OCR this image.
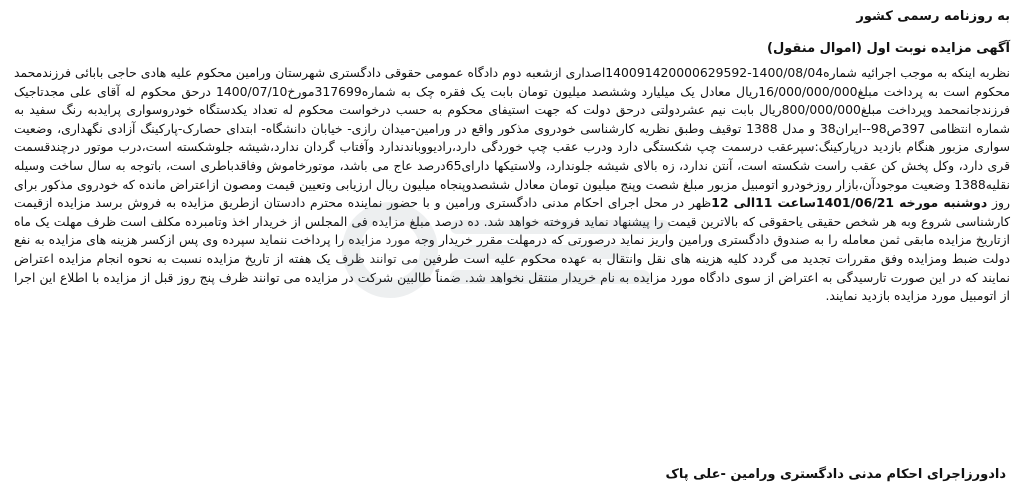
به روزنامه رسمی کشور
آگهی مزایده نوبت اول (اموال منقول)

نظربه اینکه به موجب اجرائیه شماره1400/08/04-140091420000629592اصداری ازشعبه دوم دادگاه عمومی حقوقی دادگستری شهرستان ورامین محکوم علیه هادی حاجی بابائی فرزندمحمد محکوم است به پرداخت مبلغ16/000/000/000ریال معادل یک میلیارد وششصد میلیون تومان بابت یک فقره چک به شماره317699مورخ1400/07/10 درحق محکوم له آقای علی مجدتاجیک فرزندجانمحمد وپرداخت مبلغ800/000/000ریال بابت نیم عشردولتی درحق دولت که جهت استیفای محکوم به حسب درخواست محکوم له تعداد یکدستگاه خودروسواری پرایدبه رنگ سفید به شماره انتظامی 397ص98--ایران38 و مدل 1388 توقیف وطبق نظریه کارشناسی خودروی مذکور واقع در ورامین-میدان رازی- خیابان دانشگاه- ابتدای حصارک-پارکینگ آزادی نگهداری، وضعیت سواری مزبور هنگام بازدید درپارکینگ:سپرعقب درسمت چپ شکستگی دارد ودرب عقب چپ خوردگی دارد،رادیووباندندارد وآفتاب گردان ندارد،شیشه جلوشکسته است،درب موتور درچندقسمت قری دارد، وکل پخش کن عقب راست شکسته است، آنتن ندارد، زه بالای شیشه جلوندارد، ولاستیکها دارای65درصد عاج می باشد، موتورخاموش وفاقدباطری است، باتوجه به سال ساخت وسیله نقلیه1388 وضعیت موجودآن،بازار روزخودرو اتومبیل مزبور مبلغ شصت وپنج میلیون تومان معادل ششصدوپنجاه میلیون ریال ارزیابی وتعیین قیمت ومصون ازاعتراض مانده که خودروی مذکور برای روز دوشنبه مورخه 1401/06/21ساعت 11الی 12ظهر در محل اجرای احکام مدنی دادگستری ورامین و با حضور نماینده محترم دادستان ازطریق مزایده به فروش برسد مزایده ازقیمت کارشناسی شروع وبه هر شخص حقیقی یاحقوقی که بالاترین قیمت را پیشنهاد نماید فروخته خواهد شد. ده درصد مبلغ مزایده فی المجلس از خریدار اخذ وتامبرده مکلف است ظرف مهلت یک ماه ازتاریخ مزایده مابقی ثمن معامله را به صندوق دادگستری ورامین واریز نماید درصورتی که درمهلت مقرر خریدار وجه مورد مزایده را پرداخت ننماید سپرده وی پس ازکسر هزینه های مزایده به نفع دولت ضبط ومزایده وفق مقررات تجدید می گردد کلیه هزینه های نقل وانتقال به عهده محکوم علیه است طرفین می توانند ظرف یک هفته از تاریخ مزایده نسبت به نحوه انجام مزایده اعتراض نمایند که در این صورت تارسیدگی به اعتراض از سوی دادگاه مورد مزایده به نام خریدار منتقل نخواهد شد. ضمناً طالبین شرکت در مزایده می توانند ظرف پنج روز قبل از مزایده با اطلاع این اجرا از اتومبیل مورد مزایده بازدید نمایند.

دادورزاجرای احکام مدنی دادگستری ورامین -علی پاک
